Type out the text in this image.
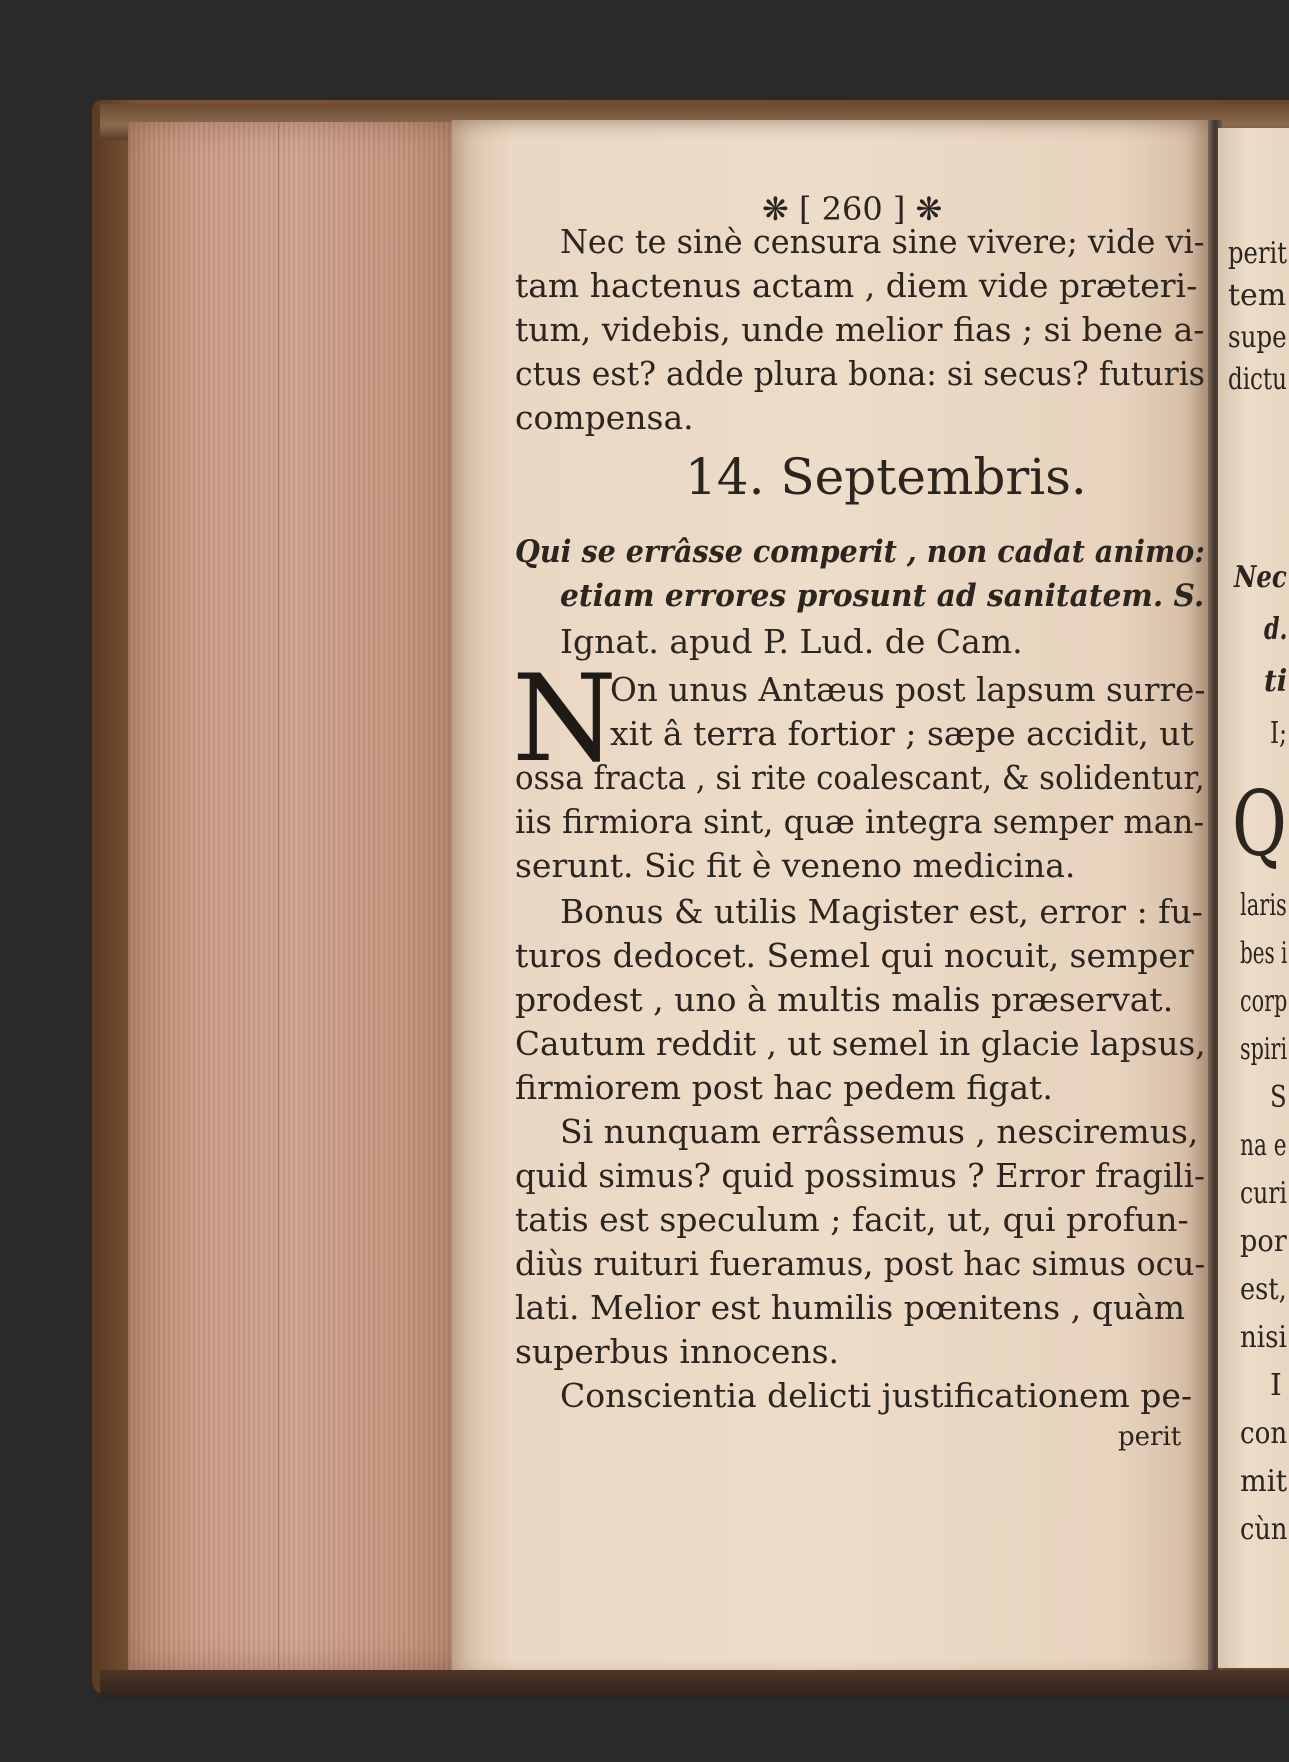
❋ [ 260 ] ❋
Nec te sinè censura sine vivere; vide vi-
tam hactenus actam , diem vide præteri-
tum, videbis, unde melior fias ; si bene a-
ctus est? adde plura bona: si secus? futuris
compensa.
14. Septembris.
Qui se errâsse comperit , non cadat animo:
etiam errores prosunt ad sanitatem. S.
Ignat. apud P. Lud. de Cam.
N
On unus Antæus post lapsum surre-
xit â terra fortior ; sæpe accidit, ut
ossa fracta , si rite coalescant, & solidentur,
iis firmiora sint, quæ integra semper man-
serunt. Sic fit è veneno medicina.
Bonus & utilis Magister est, error : fu-
turos dedocet. Semel qui nocuit, semper
prodest , uno à multis malis præservat.
Cautum reddit , ut semel in glacie lapsus,
firmiorem post hac pedem figat.
Si nunquam errâssemus , nesciremus,
quid simus? quid possimus ? Error fragili-
tatis est speculum ; facit, ut, qui profun-
diùs ruituri fueramus, post hac simus ocu-
lati. Melior est humilis pœnitens , quàm
superbus innocens.
Conscientia delicti justificationem pe-
perit
perit
tem
supe
dictu
Nec
d.
ti
I;
Q
laris
bes i
corp
spiri
S
na e
curi
por
est,
nisi
I
con
mit
cùn
